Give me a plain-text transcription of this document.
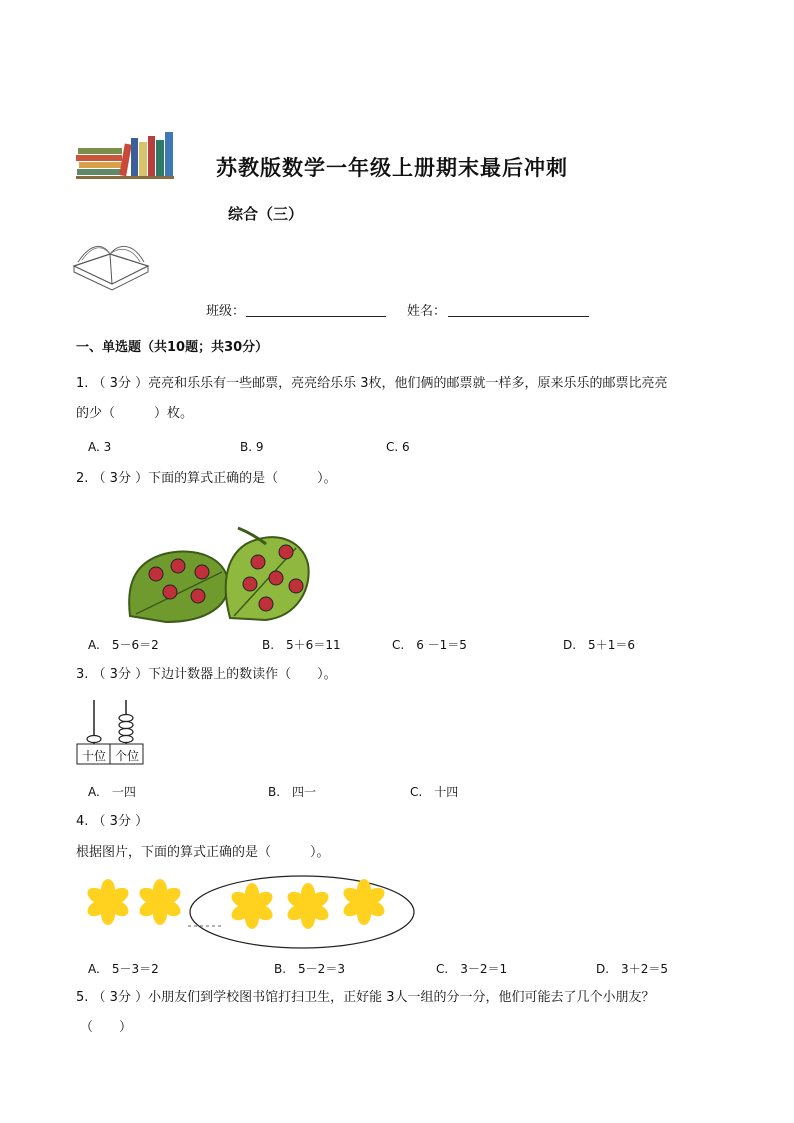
苏教版数学一年级上册期末最后冲刺
综合（三）
班级：	姓名：
一、单选题（共10题；共30分）
1. （ 3分 ）亮亮和乐乐有一些邮票，亮亮给乐乐 3枚，他们俩的邮票就一样多，原来乐乐的邮票比亮亮
的少（　　　）枚。
A. 3	B. 9	C. 6
2. （ 3分 ）下面的算式正确的是（　　　）。
A.　5－6＝2	B.　5＋6＝11	C.　6 －1＝5	D.　5＋1＝6
3. （ 3分 ）下边计数器上的数读作（　　）。
十位 个位
A.　一四	B.　四一	C.　十四
4. （ 3分 ）
根据图片，下面的算式正确的是（　　　）。
A.　5－3＝2	B.　5－2＝3	C.　3－2＝1	D.　3＋2＝5
5. （ 3分 ）小朋友们到学校图书馆打扫卫生，正好能 3人一组的分一分，他们可能去了几个小朋友？
（　　）
